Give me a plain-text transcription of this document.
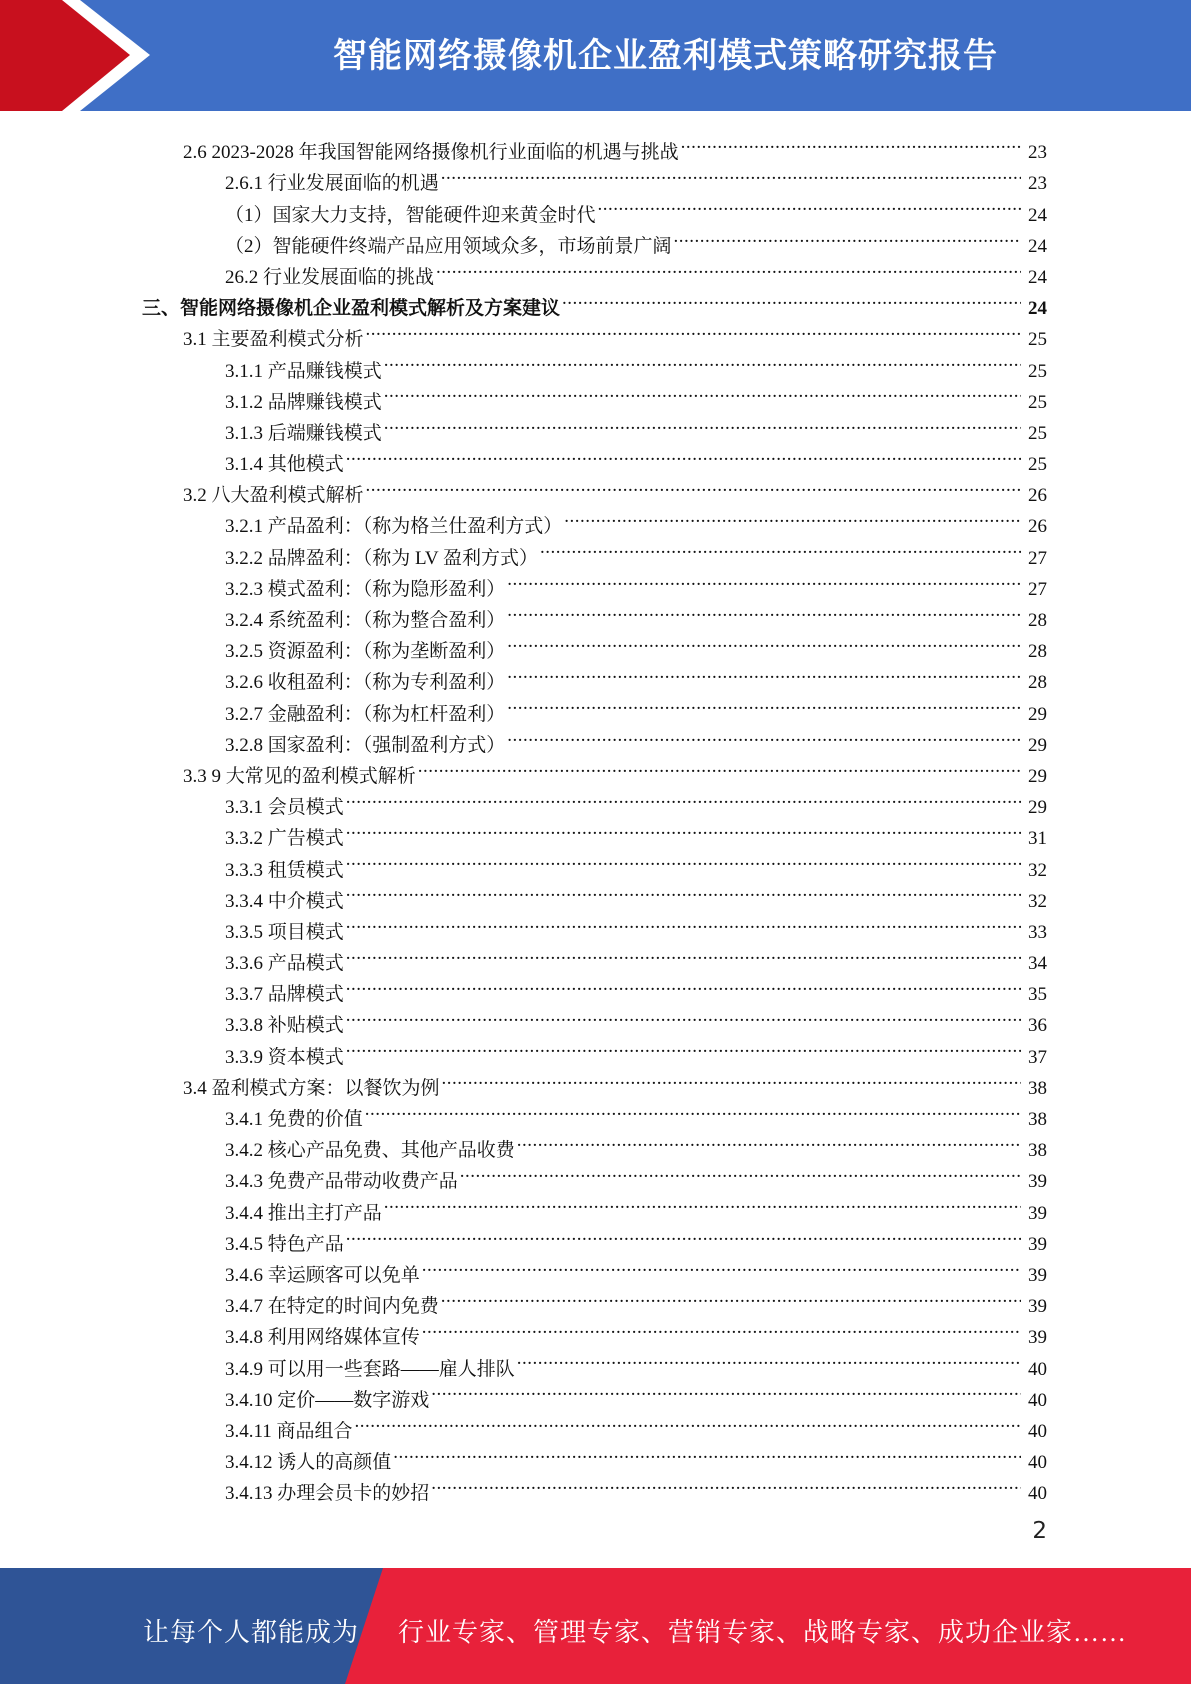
智能网络摄像机企业盈利模式策略研究报告
2.6 2023-2028 年我国智能网络摄像机行业面临的机遇与挑战 .....	23
2.6.1 行业发展面临的机遇 .....	23
（1）国家大力支持，智能硬件迎来黄金时代 .....	24
（2）智能硬件终端产品应用领域众多，市场前景广阔 .....	24
26.2 行业发展面临的挑战 .....	24
三、智能网络摄像机企业盈利模式解析及方案建议 .....	24
3.1 主要盈利模式分析 .....	25
3.1.1 产品赚钱模式 .....	25
3.1.2 品牌赚钱模式 .....	25
3.1.3 后端赚钱模式 .....	25
3.1.4 其他模式 .....	25
3.2 八大盈利模式解析 .....	26
3.2.1 产品盈利：（称为格兰仕盈利方式） .....	26
3.2.2 品牌盈利：（称为 LV 盈利方式） .....	27
3.2.3 模式盈利：（称为隐形盈利） .....	27
3.2.4 系统盈利：（称为整合盈利） .....	28
3.2.5 资源盈利：（称为垄断盈利） .....	28
3.2.6 收租盈利：（称为专利盈利） .....	28
3.2.7 金融盈利：（称为杠杆盈利） .....	29
3.2.8 国家盈利：（强制盈利方式） .....	29
3.3 9 大常见的盈利模式解析 .....	29
3.3.1 会员模式 .....	29
3.3.2 广告模式 .....	31
3.3.3 租赁模式 .....	32
3.3.4 中介模式 .....	32
3.3.5 项目模式 .....	33
3.3.6 产品模式 .....	34
3.3.7 品牌模式 .....	35
3.3.8 补贴模式 .....	36
3.3.9 资本模式 .....	37
3.4 盈利模式方案：以餐饮为例 .....	38
3.4.1 免费的价值 .....	38
3.4.2 核心产品免费、其他产品收费 .....	38
3.4.3 免费产品带动收费产品 .....	39
3.4.4 推出主打产品 .....	39
3.4.5 特色产品 .....	39
3.4.6 幸运顾客可以免单 .....	39
3.4.7 在特定的时间内免费 .....	39
3.4.8 利用网络媒体宣传 .....	39
3.4.9 可以用一些套路——雇人排队 .....	40
3.4.10 定价——数字游戏 .....	40
3.4.11 商品组合 .....	40
3.4.12 诱人的高颜值 .....	40
3.4.13 办理会员卡的妙招 .....	40
2
让每个人都能成为 行业专家、管理专家、营销专家、战略专家、成功企业家……
